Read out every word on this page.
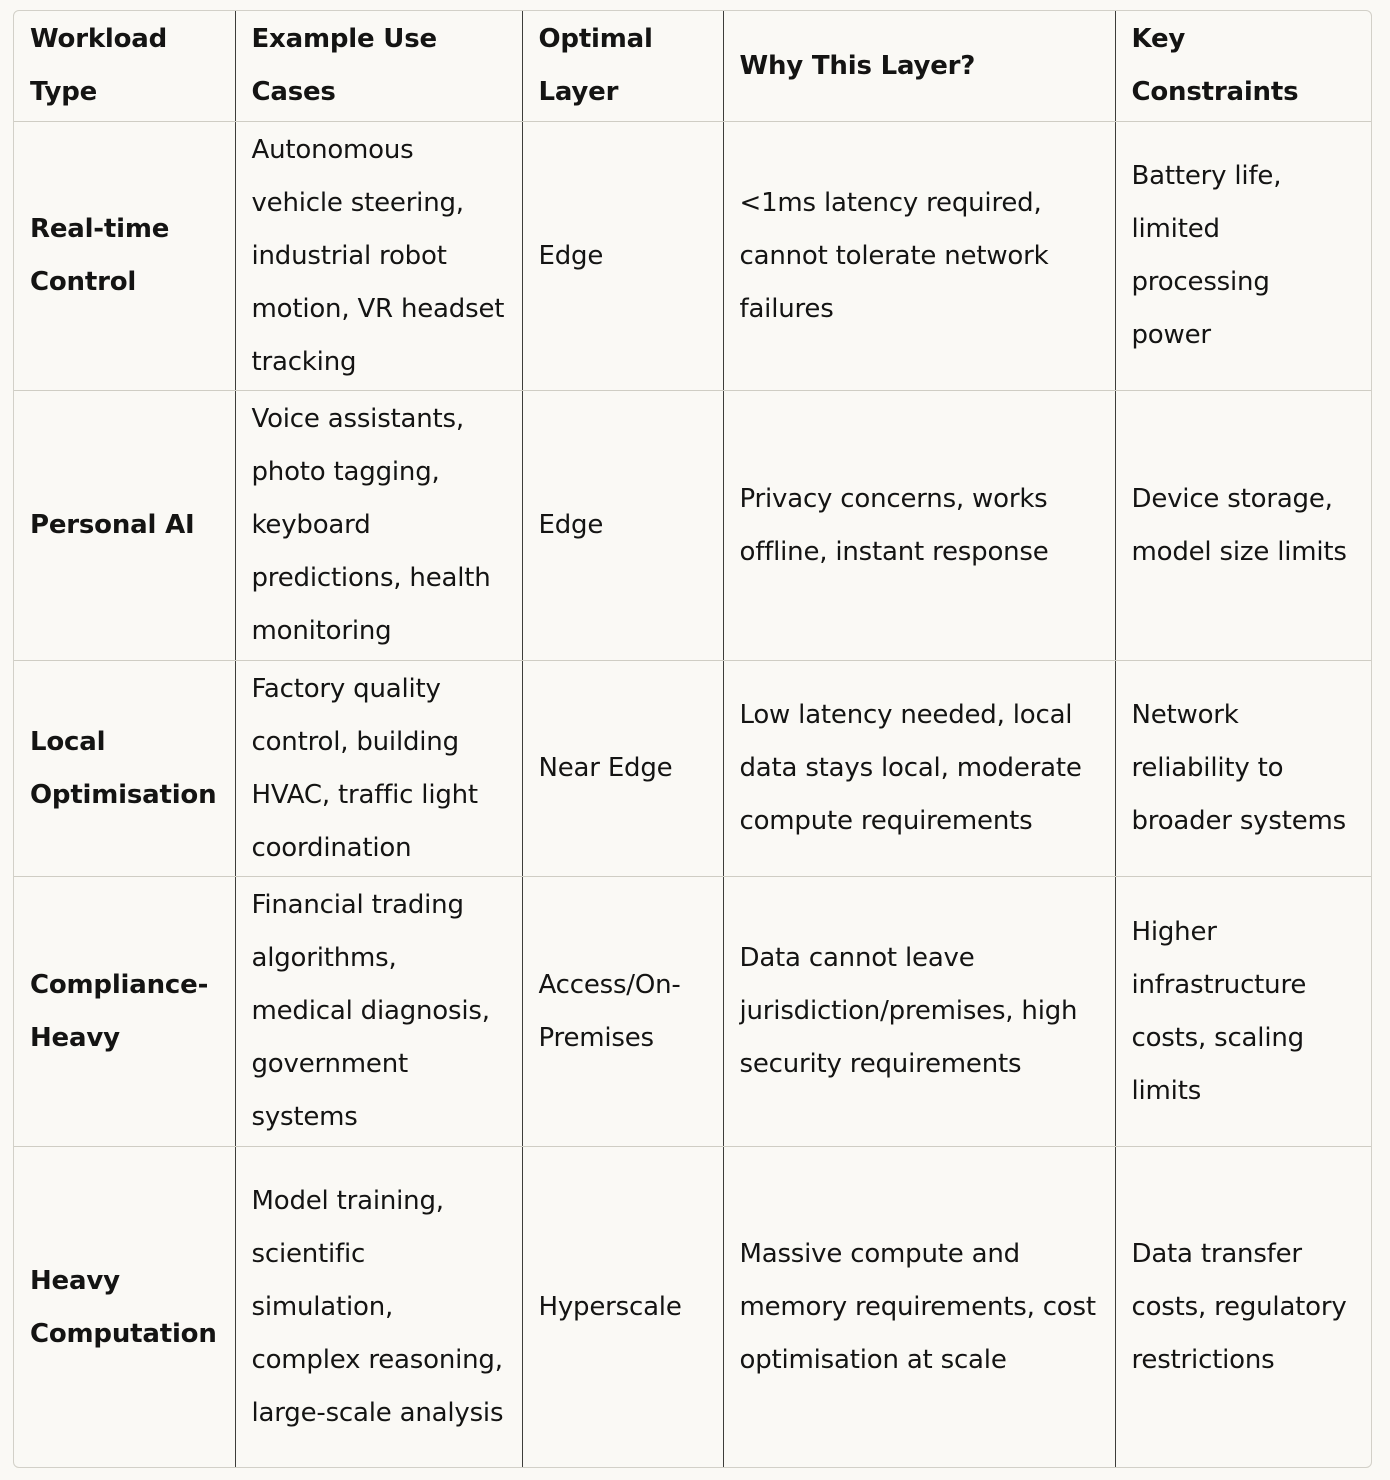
Workload Type	Example Use Cases	Optimal Layer	Why This Layer?	Key Constraints
Real-time Control	Autonomous vehicle steering, industrial robot motion, VR headset tracking	Edge	<1ms latency required, cannot tolerate network failures	Battery life, limited processing power
Personal AI	Voice assistants, photo tagging, keyboard predictions, health monitoring	Edge	Privacy concerns, works offline, instant response	Device storage, model size limits
Local Optimisation	Factory quality control, building HVAC, traffic light coordination	Near Edge	Low latency needed, local data stays local, moderate compute requirements	Network reliability to broader systems
Compliance-Heavy	Financial trading algorithms, medical diagnosis, government systems	Access/On-Premises	Data cannot leave jurisdiction/premises, high security requirements	Higher infrastructure costs, scaling limits
Heavy Computation	Model training, scientific simulation, complex reasoning, large-scale analysis	Hyperscale	Massive compute and memory requirements, cost optimisation at scale	Data transfer costs, regulatory restrictions
